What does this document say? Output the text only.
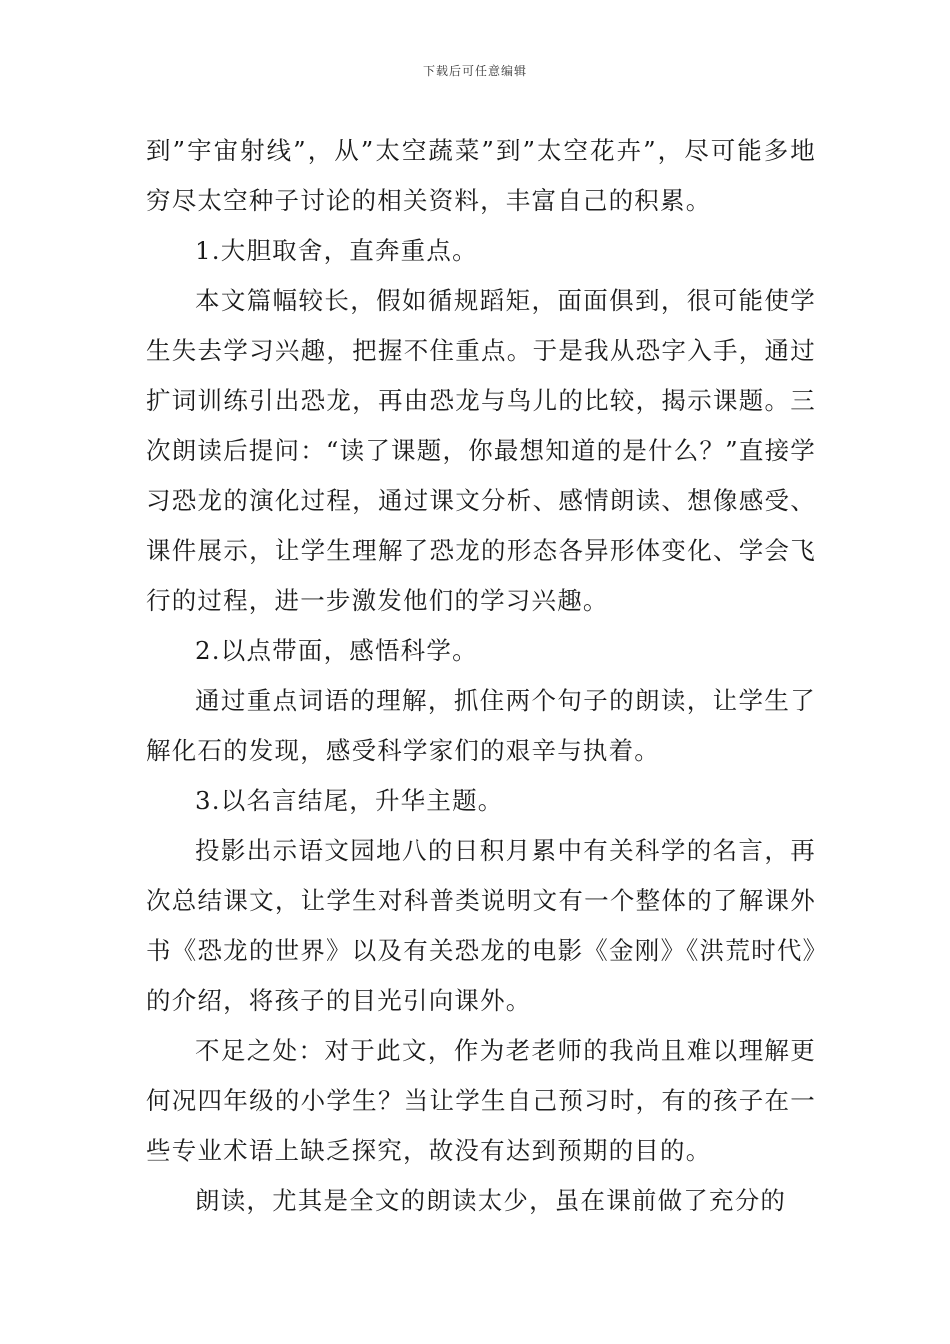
下载后可任意编辑

到”宇宙射线”，从”太空蔬菜”到”太空花卉”，尽可能多地穷尽太空种子讨论的相关资料，丰富自己的积累。

1.大胆取舍，直奔重点。

本文篇幅较长，假如循规蹈矩，面面俱到，很可能使学生失去学习兴趣，把握不住重点。于是我从恐字入手，通过扩词训练引出恐龙，再由恐龙与鸟儿的比较，揭示课题。三次朗读后提问：“读了课题，你最想知道的是什么？”直接学习恐龙的演化过程，通过课文分析、感情朗读、想像感受、课件展示，让学生理解了恐龙的形态各异形体变化、学会飞行的过程，进一步激发他们的学习兴趣。

2.以点带面，感悟科学。

通过重点词语的理解，抓住两个句子的朗读，让学生了解化石的发现，感受科学家们的艰辛与执着。

3.以名言结尾，升华主题。

投影出示语文园地八的日积月累中有关科学的名言，再次总结课文，让学生对科普类说明文有一个整体的了解课外书《恐龙的世界》以及有关恐龙的电影《金刚》《洪荒时代》的介绍，将孩子的目光引向课外。

不足之处：对于此文，作为老老师的我尚且难以理解更何况四年级的小学生？当让学生自己预习时，有的孩子在一些专业术语上缺乏探究，故没有达到预期的目的。

朗读，尤其是全文的朗读太少，虽在课前做了充分的
